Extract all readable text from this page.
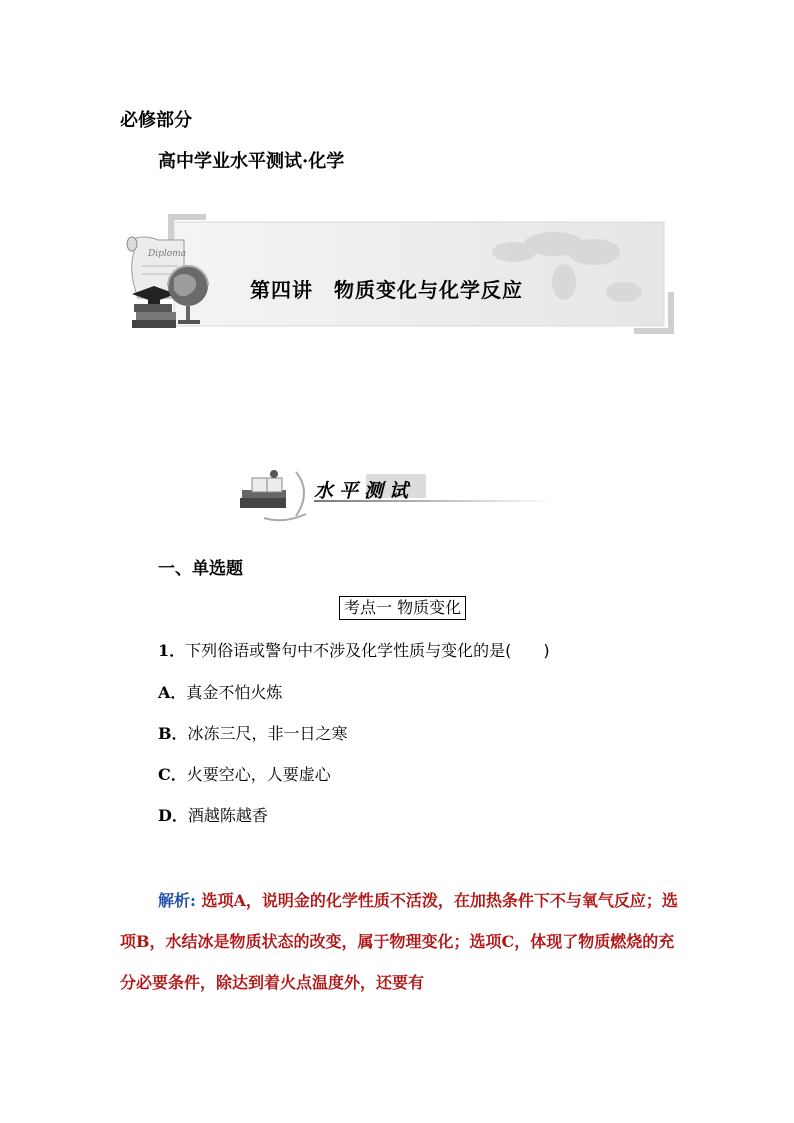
必修部分
高中学业水平测试·化学
Diploma
第四讲　物质变化与化学反应
水平测试
一、单选题
考点一 物质变化
1．下列俗语或警句中不涉及化学性质与变化的是(　　)
A．真金不怕火炼
B．冰冻三尺，非一日之寒
C．火要空心，人要虚心
D．酒越陈越香
解析: 选项A，说明金的化学性质不活泼，在加热条件下不与氧气反应；选项B，水结冰是物质状态的改变，属于物理变化；选项C，体现了物质燃烧的充分必要条件，除达到着火点温度外，还要有
